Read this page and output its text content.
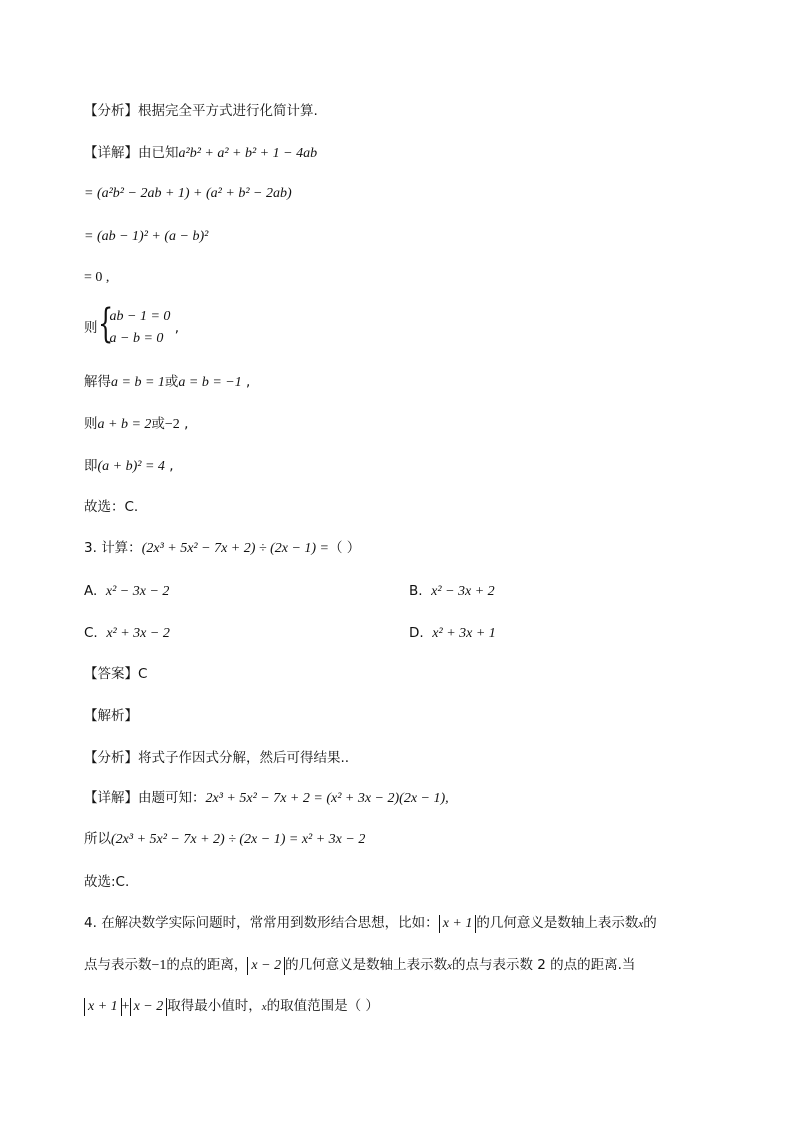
【分析】根据完全平方式进行化简计算.
【详解】由已知a²b² + a² + b² + 1 − 4ab
= (a²b² − 2ab + 1) + (a² + b² − 2ab)
= (ab − 1)² + (a − b)²
= 0 ,
则 {
ab − 1 = 0
a − b = 0
,
解得a = b = 1或a = b = −1 ,
则a + b = 2或−2 ,
即(a + b)² = 4 ,
故选：C.
3. 计算：(2x³ + 5x² − 7x + 2) ÷ (2x − 1) =（ ）
A. x² − 3x − 2	B. x² − 3x + 2
C. x² + 3x − 2	D. x² + 3x + 1
【答案】C
【解析】
【分析】将式子作因式分解，然后可得结果..
【详解】由题可知：2x³ + 5x² − 7x + 2 = (x² + 3x − 2)(2x − 1),
所以(2x³ + 5x² − 7x + 2) ÷ (2x − 1) = x² + 3x − 2
故选:C.
4. 在解决数学实际问题时，常常用到数形结合思想，比如： x + 1 的几何意义是数轴上表示数x的
点与表示数−1的点的距离， x − 2 的几何意义是数轴上表示数x的点与表示数 2 的点的距离.当
x + 1 + x − 2 取得最小值时，x的取值范围是（ ）
